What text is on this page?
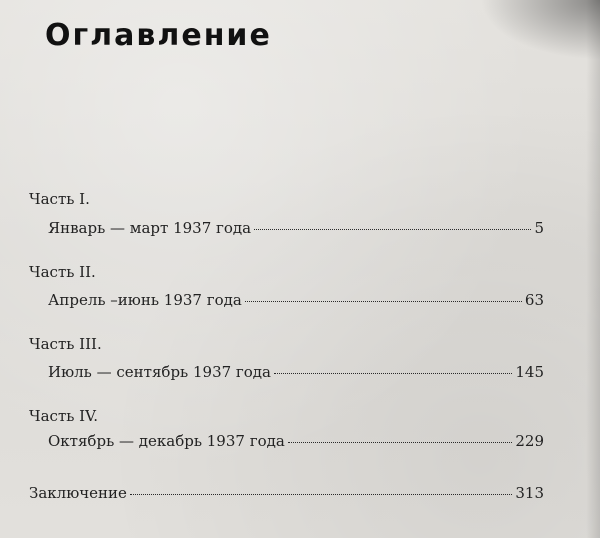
Оглавление
Часть I.
Январь — март 1937 года	5
Часть II.
Апрель –июнь 1937 года	63
Часть III.
Июль — сентябрь 1937 года	145
Часть IV.
Октябрь — декабрь 1937 года	229
Заключение	313
